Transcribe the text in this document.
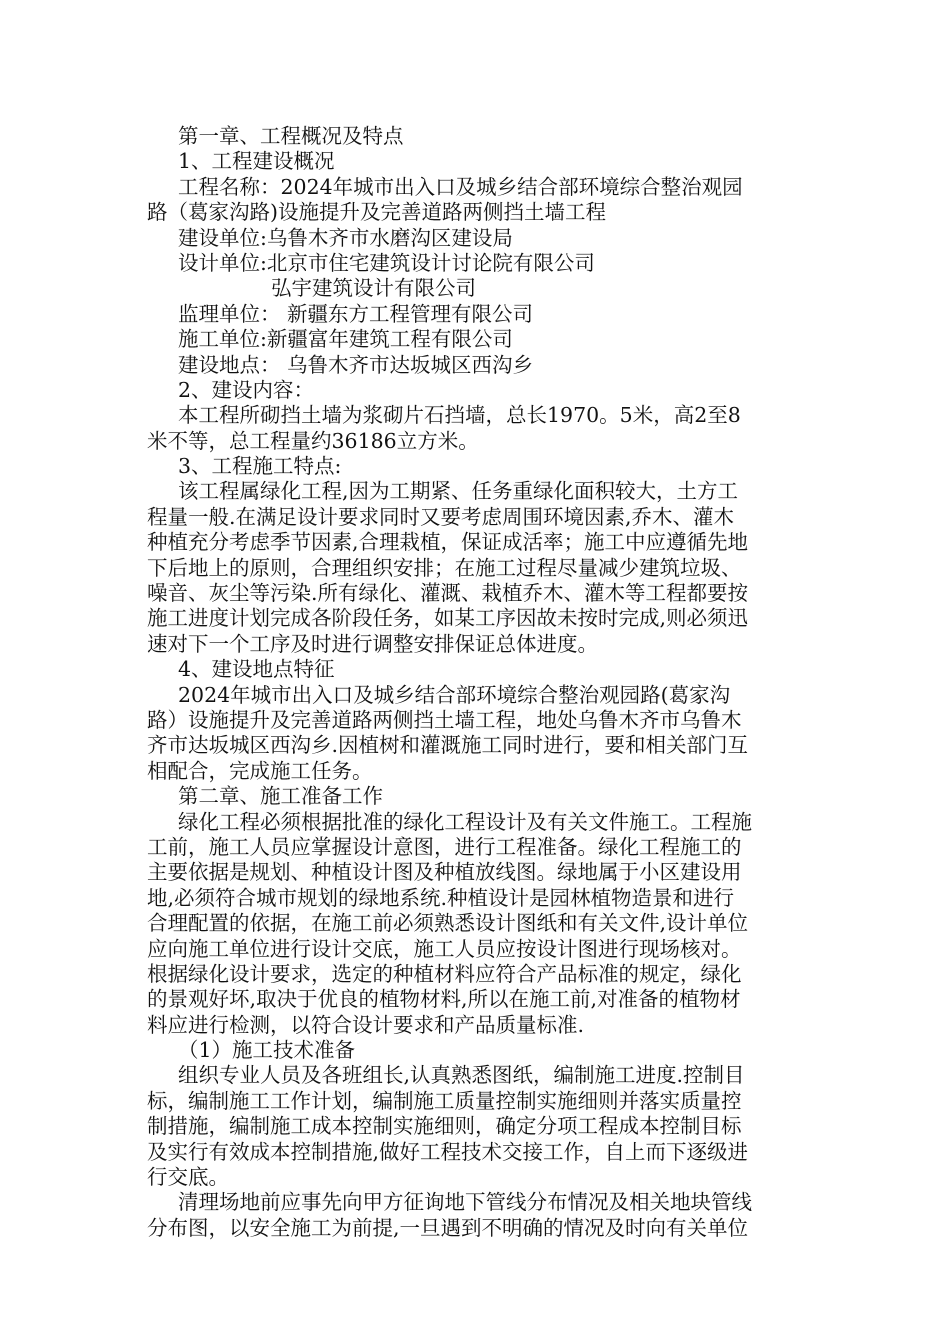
第一章、工程概况及特点
1、工程建设概况
工程名称：2024年城市出入口及城乡结合部环境综合整治观园
路（葛家沟路)设施提升及完善道路两侧挡土墙工程
建设单位:乌鲁木齐市水磨沟区建设局
设计单位:北京市住宅建筑设计讨论院有限公司
弘宇建筑设计有限公司
监理单位： 新疆东方工程管理有限公司
施工单位:新疆富年建筑工程有限公司
建设地点： 乌鲁木齐市达坂城区西沟乡
2、建设内容：
本工程所砌挡土墙为浆砌片石挡墙，总长1970。5米，高2至8
米不等，总工程量约36186立方米。
3、工程施工特点:
该工程属绿化工程,因为工期紧、任务重绿化面积较大，土方工
程量一般.在满足设计要求同时又要考虑周围环境因素,乔木、灌木
种植充分考虑季节因素,合理栽植，保证成活率；施工中应遵循先地
下后地上的原则，合理组织安排；在施工过程尽量减少建筑垃圾、
噪音、灰尘等污染.所有绿化、灌溉、栽植乔木、灌木等工程都要按
施工进度计划完成各阶段任务，如某工序因故未按时完成,则必须迅
速对下一个工序及时进行调整安排保证总体进度。
4、建设地点特征
2024年城市出入口及城乡结合部环境综合整治观园路(葛家沟
路）设施提升及完善道路两侧挡土墙工程，地处乌鲁木齐市乌鲁木
齐市达坂城区西沟乡.因植树和灌溉施工同时进行，要和相关部门互
相配合，完成施工任务。
第二章、施工准备工作
绿化工程必须根据批准的绿化工程设计及有关文件施工。工程施
工前，施工人员应掌握设计意图，进行工程准备。绿化工程施工的
主要依据是规划、种植设计图及种植放线图。绿地属于小区建设用
地,必须符合城市规划的绿地系统.种植设计是园林植物造景和进行
合理配置的依据，在施工前必须熟悉设计图纸和有关文件,设计单位
应向施工单位进行设计交底，施工人员应按设计图进行现场核对。
根据绿化设计要求，选定的种植材料应符合产品标准的规定，绿化
的景观好坏,取决于优良的植物材料,所以在施工前,对准备的植物材
料应进行检测，以符合设计要求和产品质量标准.
（1）施工技术准备
组织专业人员及各班组长,认真熟悉图纸，编制施工进度.控制目
标，编制施工工作计划，编制施工质量控制实施细则并落实质量控
制措施，编制施工成本控制实施细则，确定分项工程成本控制目标
及实行有效成本控制措施,做好工程技术交接工作，自上而下逐级进
行交底。
清理场地前应事先向甲方征询地下管线分布情况及相关地块管线
分布图，以安全施工为前提,一旦遇到不明确的情况及时向有关单位
